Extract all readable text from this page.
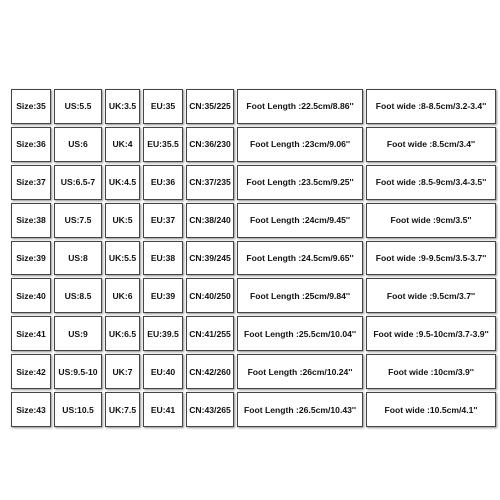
Size:35	US:5.5	UK:3.5	EU:35	CN:35/225	Foot Length :22.5cm/8.86''	Foot wide :8-8.5cm/3.2-3.4''
Size:36	US:6	UK:4	EU:35.5	CN:36/230	Foot Length :23cm/9.06''	Foot wide :8.5cm/3.4''
Size:37	US:6.5-7	UK:4.5	EU:36	CN:37/235	Foot Length :23.5cm/9.25''	Foot wide :8.5-9cm/3.4-3.5''
Size:38	US:7.5	UK:5	EU:37	CN:38/240	Foot Length :24cm/9.45''	Foot wide :9cm/3.5''
Size:39	US:8	UK:5.5	EU:38	CN:39/245	Foot Length :24.5cm/9.65''	Foot wide :9-9.5cm/3.5-3.7''
Size:40	US:8.5	UK:6	EU:39	CN:40/250	Foot Length :25cm/9.84''	Foot wide :9.5cm/3.7''
Size:41	US:9	UK:6.5	EU:39.5	CN:41/255	Foot Length :25.5cm/10.04''	Foot wide :9.5-10cm/3.7-3.9''
Size:42	US:9.5-10	UK:7	EU:40	CN:42/260	Foot Length :26cm/10.24''	Foot wide :10cm/3.9''
Size:43	US:10.5	UK:7.5	EU:41	CN:43/265	Foot Length :26.5cm/10.43''	Foot wide :10.5cm/4.1''
